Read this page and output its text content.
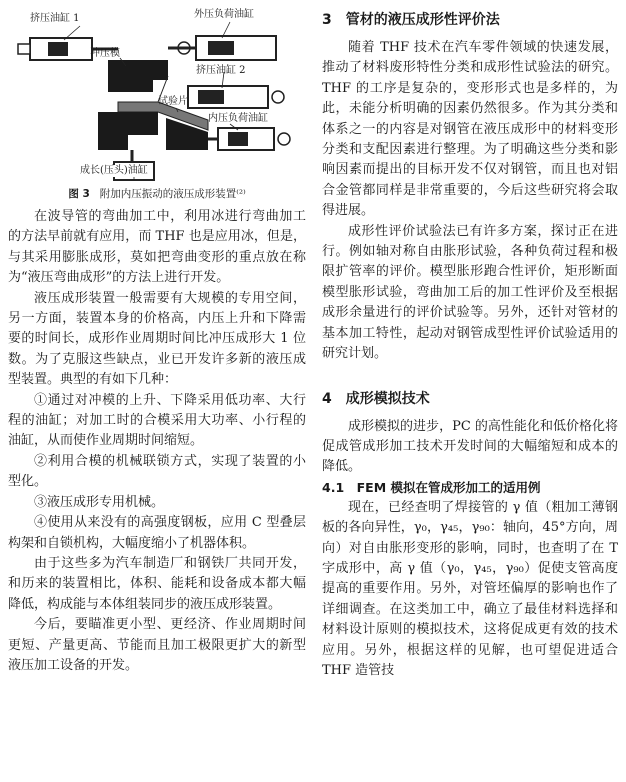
挤压油缸 1	外压负荷油缸
冲压模
挤压油缸 2
试验片
内压负荷油缸
成长(压头)油缸
图 3 附加内压振动的液压成形装置⁽²⁾

在波导管的弯曲加工中，利用冰进行弯曲加工的方法早前就有应用，而 THF 也是应用冰，但是，与其采用膨胀成形，莫如把弯曲变形的重点放在称为“液压弯曲成形”的方法上进行开发。

液压成形装置一般需要有大规模的专用空间，另一方面，装置本身的价格高，内压上升和下降需要的时间长，成形作业周期时间比冲压成形大 1 位数。为了克服这些缺点，业已开发许多新的液压成型装置。典型的有如下几种：

①通过对冲模的上升、下降采用低功率、大行程的油缸；对加工时的合模采用大功率、小行程的油缸，从而使作业周期时间缩短。

②利用合模的机械联锁方式，实现了装置的小型化。

③液压成形专用机械。

④使用从来没有的高强度钢板，应用 C 型叠层构架和自锁机构，大幅度缩小了机器体积。

由于这些多为汽车制造厂和钢铁厂共同开发，和历来的装置相比，体积、能耗和设备成本都大幅降低，构成能与本体组装同步的液压成形装置。

今后，要瞄准更小型、更经济、作业周期时间更短、产量更高、节能而且加工极限更扩大的新型液压加工设备的开发。

3　管材的液压成形性评价法

随着 THF 技术在汽车零件领域的快速发展，推动了材料废形特性分类和成形性试验法的研究。THF 的工序是复杂的，变形形式也是多样的，为此，未能分析明确的因素仍然很多。作为其分类和体系之一的内容是对钢管在液压成形中的材料变形分类和支配因素进行整理。为了明确这些分类和影响因素而提出的目标开发不仅对钢管，而且也对铝合金管都同样是非常重要的，今后这些研究将会取得进展。

成形性评价试验法已有许多方案，探讨正在进行。例如轴对称自由胀形试验，各种负荷过程和极限扩管率的评价。模型胀形跑合性评价，矩形断面模型胀形试验，弯曲加工后的加工性评价及至根据成形余量进行的评价试验等。另外，还针对管材的基本加工特性，起动对钢管成型性评价试验适用的研究计划。

4　成形模拟技术

成形模拟的进步，PC 的高性能化和低价格化将促成管成形加工技术开发时间的大幅缩短和成本的降低。

4.1　FEM 模拟在管成形加工的适用例

现在，已经查明了焊接管的 γ 值（粗加工薄钢板的各向异性，γ₀，γ₄₅，γ₉₀：轴向，45°方向，周向）对自由胀形变形的影响，同时，也查明了在 T 字成形中，高 γ 值（γ₀，γ₄₅，γ₉₀）促使支管高度提高的重要作用。另外，对管坯偏厚的影响也作了详细调查。在这类加工中，确立了最佳材料选择和材料设计原则的模拟技术，这将促成更有效的技术应用。另外，根据这样的见解，也可望促进适合 THF 造管技
